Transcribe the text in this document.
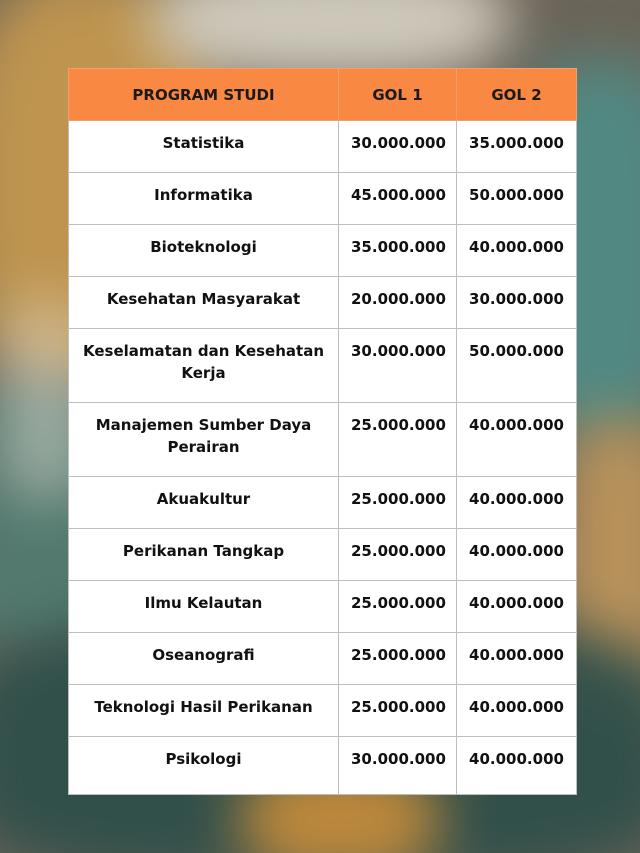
PROGRAM STUDI	GOL 1	GOL 2

Statistika	30.000.000	35.000.000

Informatika	45.000.000	50.000.000

Bioteknologi	35.000.000	40.000.000

Kesehatan Masyarakat	20.000.000	30.000.000

Keselamatan dan Kesehatan Kerja	30.000.000	50.000.000

Manajemen Sumber Daya Perairan	25.000.000	40.000.000

Akuakultur	25.000.000	40.000.000

Perikanan Tangkap	25.000.000	40.000.000

Ilmu Kelautan	25.000.000	40.000.000

Oseanografi	25.000.000	40.000.000

Teknologi Hasil Perikanan	25.000.000	40.000.000

Psikologi	30.000.000	40.000.000
